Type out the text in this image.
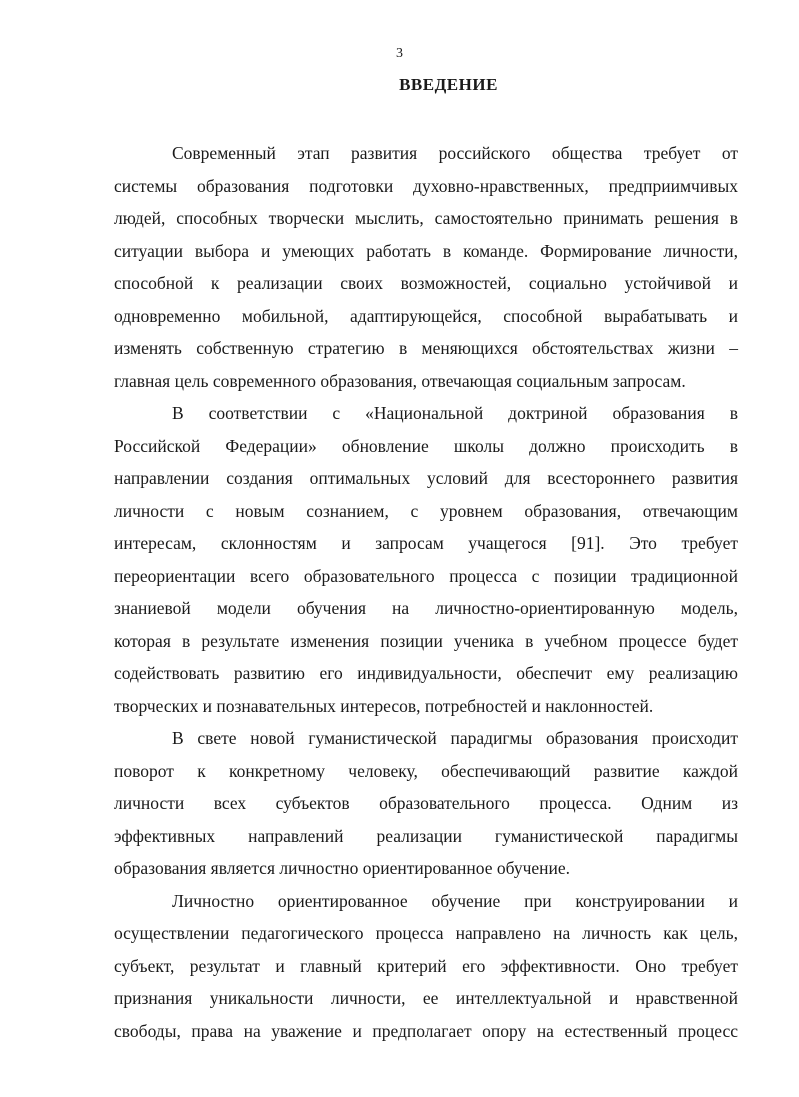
3
ВВЕДЕНИЕ
Современный этап развития российского общества требует от
системы образования подготовки духовно-нравственных, предприимчивых
людей, способных творчески мыслить, самостоятельно принимать решения в
ситуации выбора и умеющих работать в команде. Формирование личности,
способной к реализации своих возможностей, социально устойчивой и
одновременно мобильной, адаптирующейся, способной вырабатывать и
изменять собственную стратегию в меняющихся обстоятельствах жизни –
главная цель современного образования, отвечающая социальным запросам.
В соответствии с «Национальной доктриной образования в
Российской Федерации» обновление школы должно происходить в
направлении создания оптимальных условий для всестороннего развития
личности с новым сознанием, с уровнем образования, отвечающим
интересам, склонностям и запросам учащегося [91]. Это требует
переориентации всего образовательного процесса с позиции традиционной
знаниевой модели обучения на личностно-ориентированную модель,
которая в результате изменения позиции ученика в учебном процессе будет
содействовать развитию его индивидуальности, обеспечит ему реализацию
творческих и познавательных интересов, потребностей и наклонностей.
В свете новой гуманистической парадигмы образования происходит
поворот к конкретному человеку, обеспечивающий развитие каждой
личности всех субъектов образовательного процесса. Одним из
эффективных направлений реализации гуманистической парадигмы
образования является личностно ориентированное обучение.
Личностно ориентированное обучение при конструировании и
осуществлении педагогического процесса направлено на личность как цель,
субъект, результат и главный критерий его эффективности. Оно требует
признания уникальности личности, ее интеллектуальной и нравственной
свободы, права на уважение и предполагает опору на естественный процесс
